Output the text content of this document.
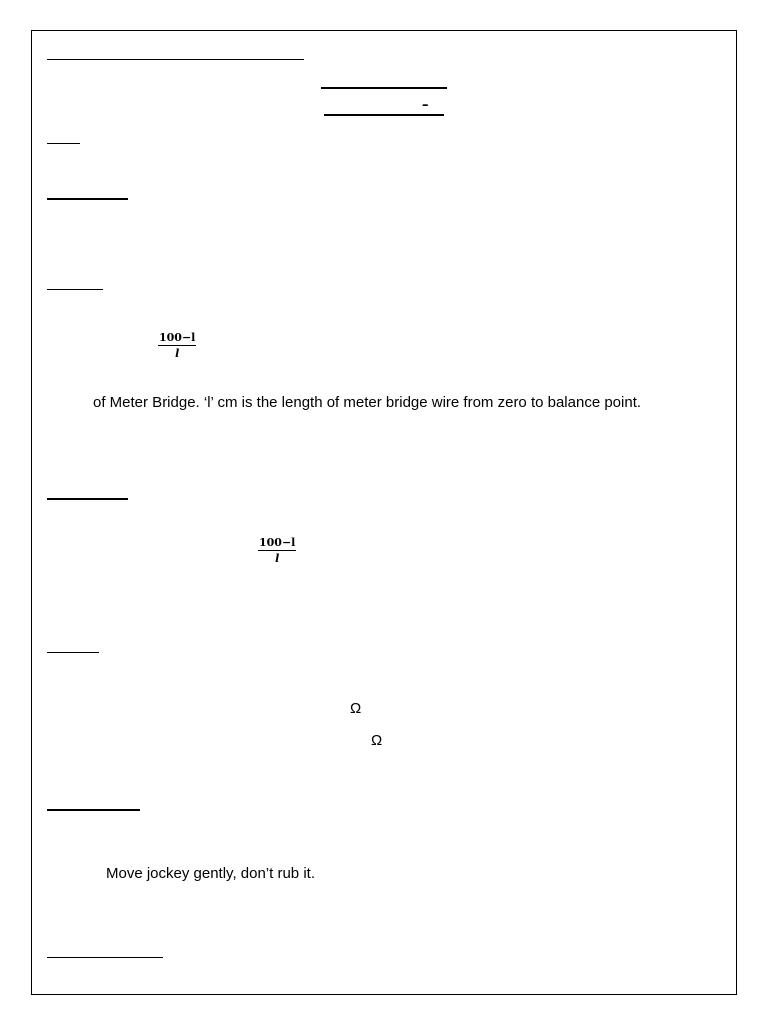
–
$\frac{100-l}{l}$
of Meter Bridge. ‘l’ cm is the length of meter bridge wire from zero to balance point.
$\frac{100-l}{l}$
Ω
Ω
Move jockey gently, don’t rub it.
